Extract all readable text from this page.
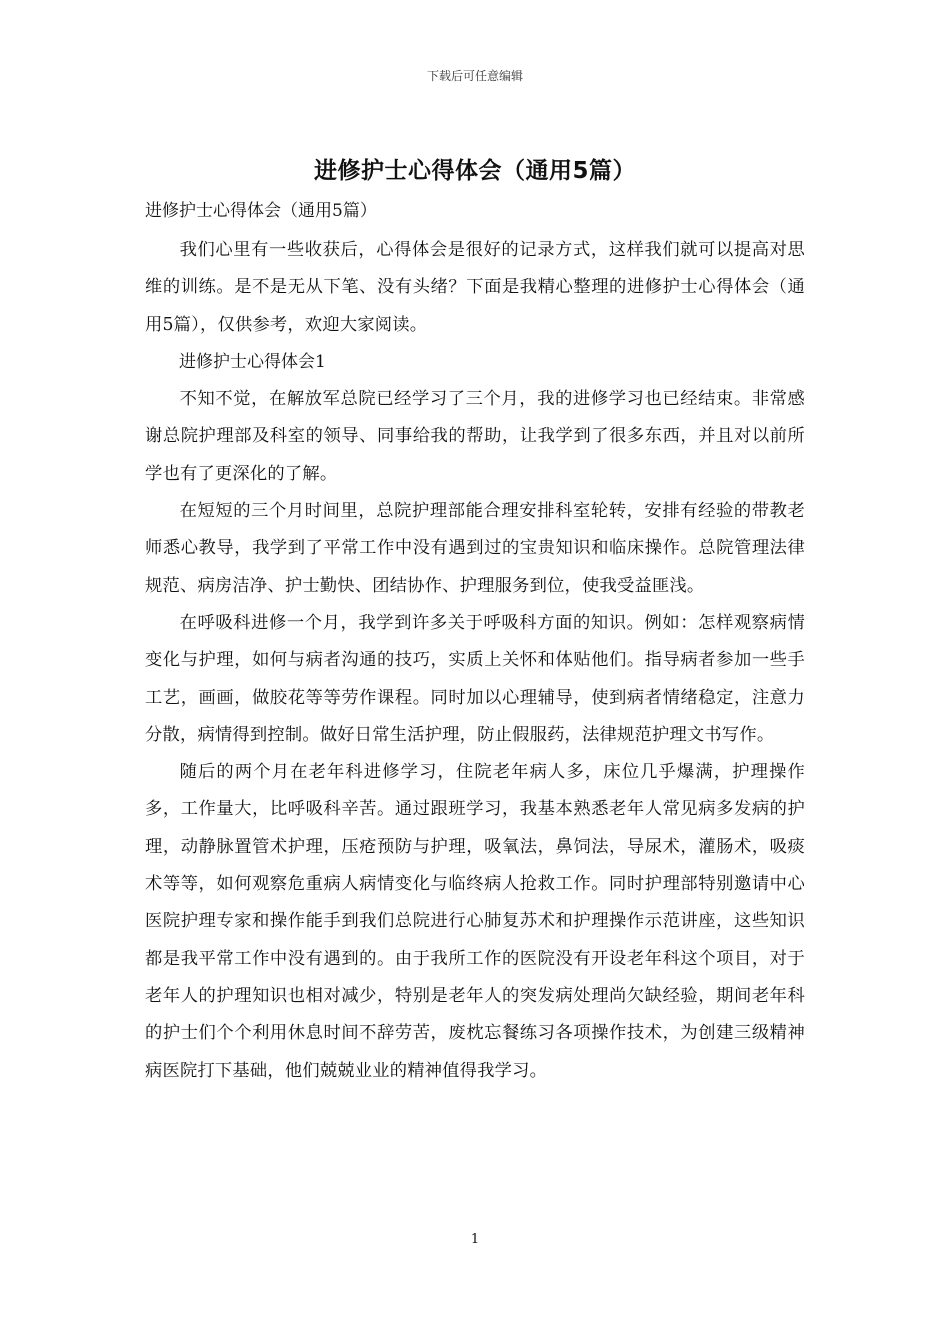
下载后可任意编辑
进修护士心得体会（通用5篇）

进修护士心得体会（通用5篇）

我们心里有一些收获后，心得体会是很好的记录方式，这样我们就可以提高对思维的训练。是不是无从下笔、没有头绪？下面是我精心整理的进修护士心得体会（通用5篇），仅供参考，欢迎大家阅读。

进修护士心得体会1

不知不觉，在解放军总院已经学习了三个月，我的进修学习也已经结束。非常感谢总院护理部及科室的领导、同事给我的帮助，让我学到了很多东西，并且对以前所学也有了更深化的了解。

在短短的三个月时间里，总院护理部能合理安排科室轮转，安排有经验的带教老师悉心教导，我学到了平常工作中没有遇到过的宝贵知识和临床操作。总院管理法律规范、病房洁净、护士勤快、团结协作、护理服务到位，使我受益匪浅。

在呼吸科进修一个月，我学到许多关于呼吸科方面的知识。例如：怎样观察病情变化与护理，如何与病者沟通的技巧，实质上关怀和体贴他们。指导病者参加一些手工艺，画画，做胶花等等劳作课程。同时加以心理辅导，使到病者情绪稳定，注意力分散，病情得到控制。做好日常生活护理，防止假服药，法律规范护理文书写作。

随后的两个月在老年科进修学习，住院老年病人多，床位几乎爆满，护理操作多，工作量大，比呼吸科辛苦。通过跟班学习，我基本熟悉老年人常见病多发病的护理，动静脉置管术护理，压疮预防与护理，吸氧法，鼻饲法，导尿术，灌肠术，吸痰术等等，如何观察危重病人病情变化与临终病人抢救工作。同时护理部特别邀请中心医院护理专家和操作能手到我们总院进行心肺复苏术和护理操作示范讲座，这些知识都是我平常工作中没有遇到的。由于我所工作的医院没有开设老年科这个项目，对于老年人的护理知识也相对减少，特别是老年人的突发病处理尚欠缺经验，期间老年科的护士们个个利用休息时间不辞劳苦，废枕忘餐练习各项操作技术，为创建三级精神病医院打下基础，他们兢兢业业的精神值得我学习。

1
